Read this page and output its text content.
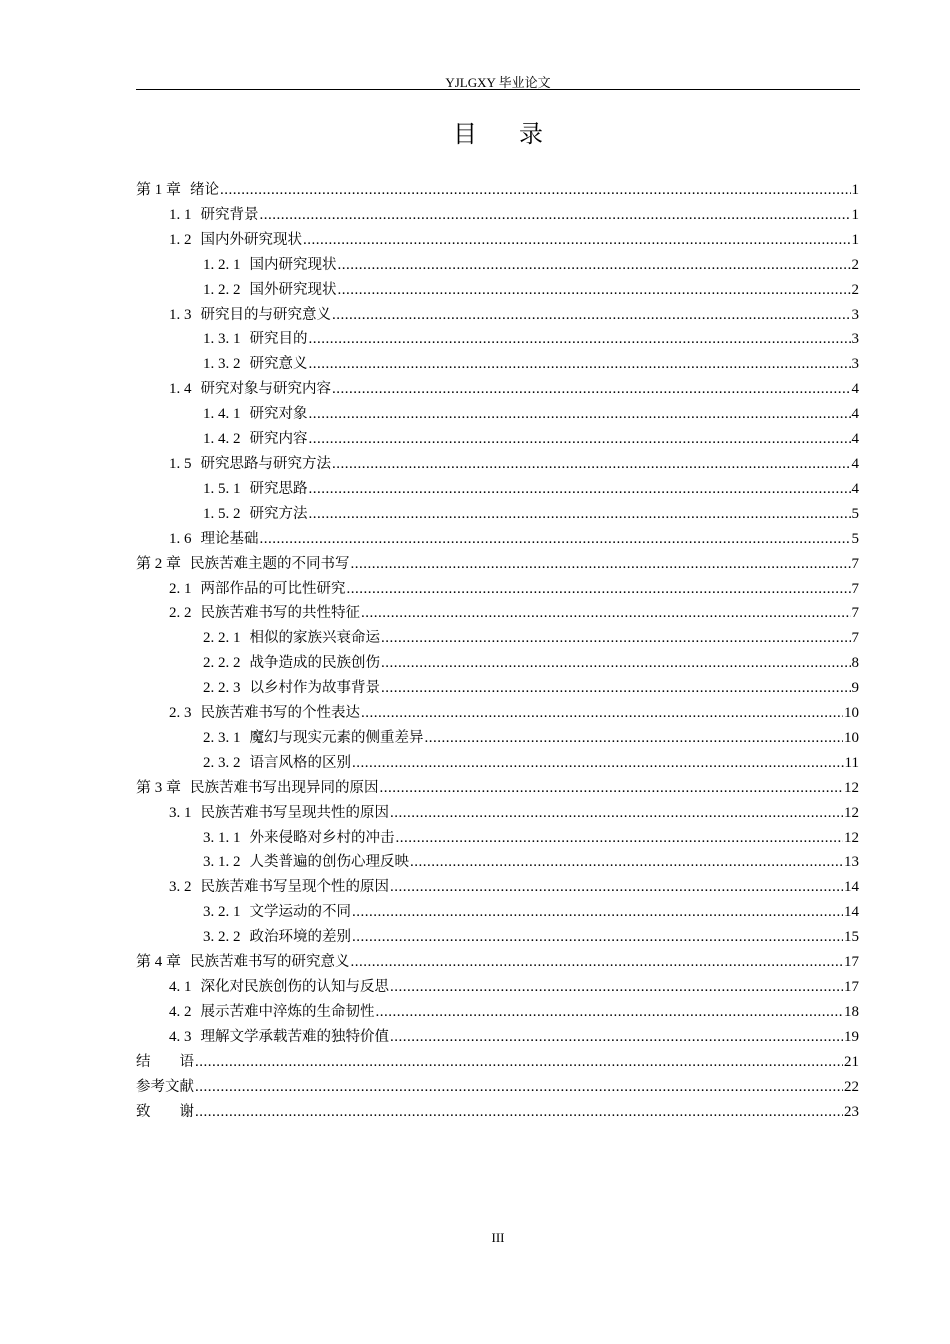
YJLGXY 毕业论文
目 录
第 1 章 绪论 .....	1
1. 1 研究背景 .....	1
1. 2 国内外研究现状 .....	1
1. 2. 1 国内研究现状 .....	2
1. 2. 2 国外研究现状 .....	2
1. 3 研究目的与研究意义 .....	3
1. 3. 1 研究目的 .....	3
1. 3. 2 研究意义 .....	3
1. 4 研究对象与研究内容 .....	4
1. 4. 1 研究对象 .....	4
1. 4. 2 研究内容 .....	4
1. 5 研究思路与研究方法 .....	4
1. 5. 1 研究思路 .....	4
1. 5. 2 研究方法 .....	5
1. 6 理论基础 .....	5
第 2 章 民族苦难主题的不同书写 .....	7
2. 1 两部作品的可比性研究 .....	7
2. 2 民族苦难书写的共性特征 .....	7
2. 2. 1 相似的家族兴衰命运 .....	7
2. 2. 2 战争造成的民族创伤 .....	8
2. 2. 3 以乡村作为故事背景 .....	9
2. 3 民族苦难书写的个性表达 .....	10
2. 3. 1 魔幻与现实元素的侧重差异 .....	10
2. 3. 2 语言风格的区别 .....	11
第 3 章 民族苦难书写出现异同的原因 .....	12
3. 1 民族苦难书写呈现共性的原因 .....	12
3. 1. 1 外来侵略对乡村的冲击 .....	12
3. 1. 2 人类普遍的创伤心理反映 .....	13
3. 2 民族苦难书写呈现个性的原因 .....	14
3. 2. 1 文学运动的不同 .....	14
3. 2. 2 政治环境的差别 .....	15
第 4 章 民族苦难书写的研究意义 .....	17
4. 1 深化对民族创伤的认知与反思 .....	17
4. 2 展示苦难中淬炼的生命韧性 .....	18
4. 3 理解文学承载苦难的独特价值 .....	19
结　　语 .....	21
参考文献 .....	22
致　　谢 .....	23
III
